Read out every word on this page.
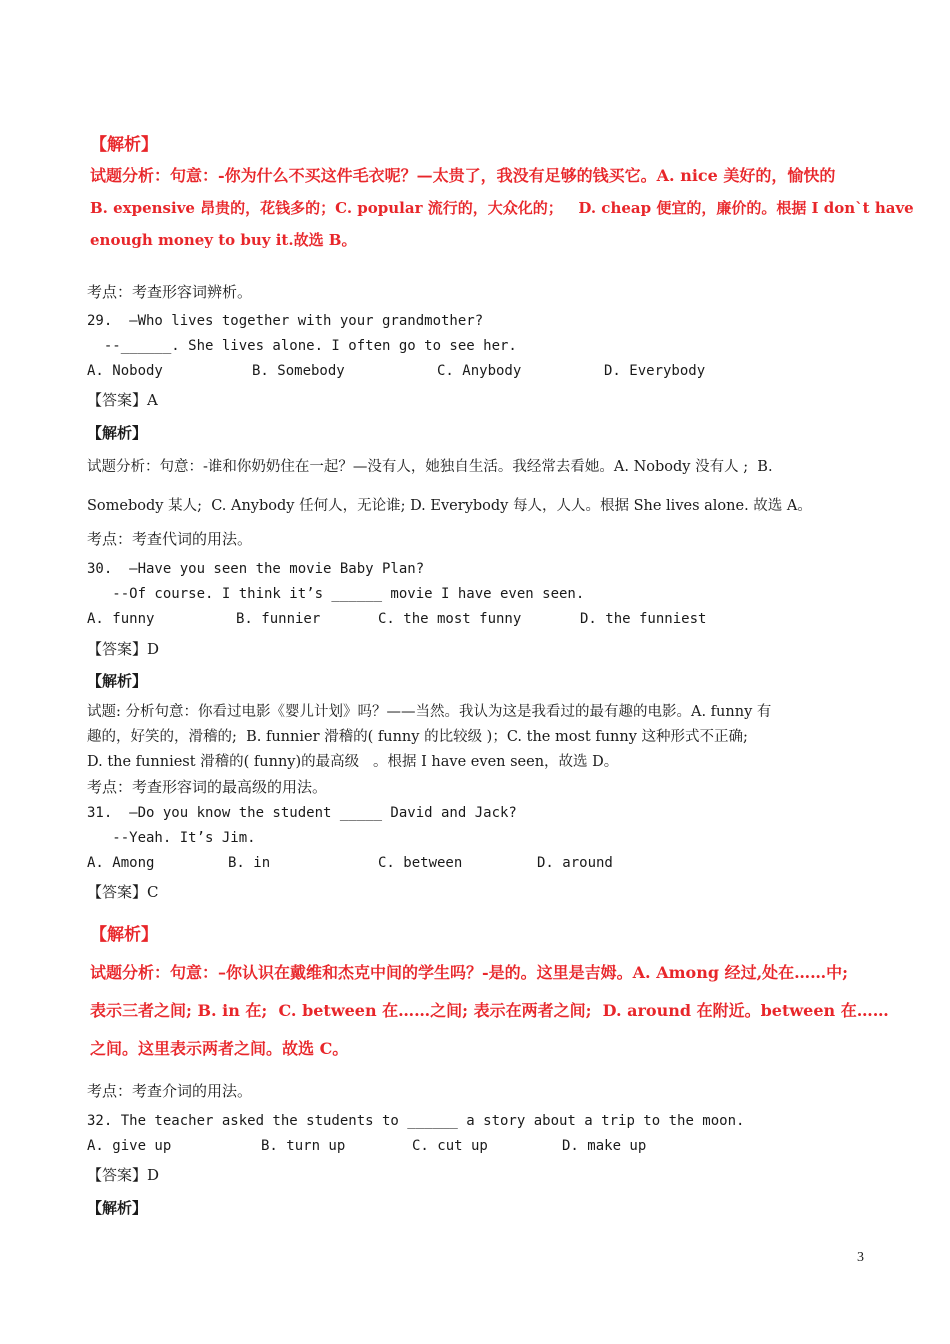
【解析】
试题分析：句意：-你为什么不买这件毛衣呢？—太贵了，我没有足够的钱买它。A. nice 美好的，愉快的
B. expensive 昂贵的，花钱多的；C. popular 流行的，大众化的；   D. cheap 便宜的，廉价的。根据 I don`t have
enough money to buy it.故选 B。
考点：考查形容词辨析。
29.  –Who lives together with your grandmother?
--______. She lives alone. I often go to see her.
A. Nobody	B. Somebody	C. Anybody	D. Everybody
【答案】A
【解析】
试题分析：句意：-谁和你奶奶住在一起？—没有人，她独自生活。我经常去看她。A. Nobody 没有人 ;  B.
Somebody 某人;  C. Anybody 任何人，无论谁; D. Everybody 每人，人人。根据 She lives alone. 故选 A。
考点：考查代词的用法。
30.  –Have you seen the movie Baby Plan?
--Of course. I think it’s ______ movie I have even seen.
A. funny	B. funnier	C. the most funny	D. the funniest
【答案】D
【解析】
试题: 分析句意：你看过电影《婴儿计划》吗？——当然。我认为这是我看过的最有趣的电影。A. funny 有
趣的，好笑的，滑稽的;  B. funnier 滑稽的( funny 的比较级 )；C. the most funny 这种形式不正确;
D. the funniest 滑稽的( funny)的最高级   。根据 I have even seen，故选 D。
考点：考查形容词的最高级的用法。
31.  –Do you know the student _____ David and Jack?
--Yeah. It’s Jim.
A. Among	B. in	C. between	D. around
【答案】C
【解析】
试题分析：句意：–你认识在戴维和杰克中间的学生吗？-是的。这里是吉姆。A. Among 经过,处在……中;
表示三者之间; B. in 在;  C. between 在……之间; 表示在两者之间;  D. around 在附近。between 在……
之间。这里表示两者之间。故选 C。
考点：考查介词的用法。
32. The teacher asked the students to ______ a story about a trip to the moon.
A. give up	B. turn up	C. cut up	D. make up
【答案】D
【解析】
3
